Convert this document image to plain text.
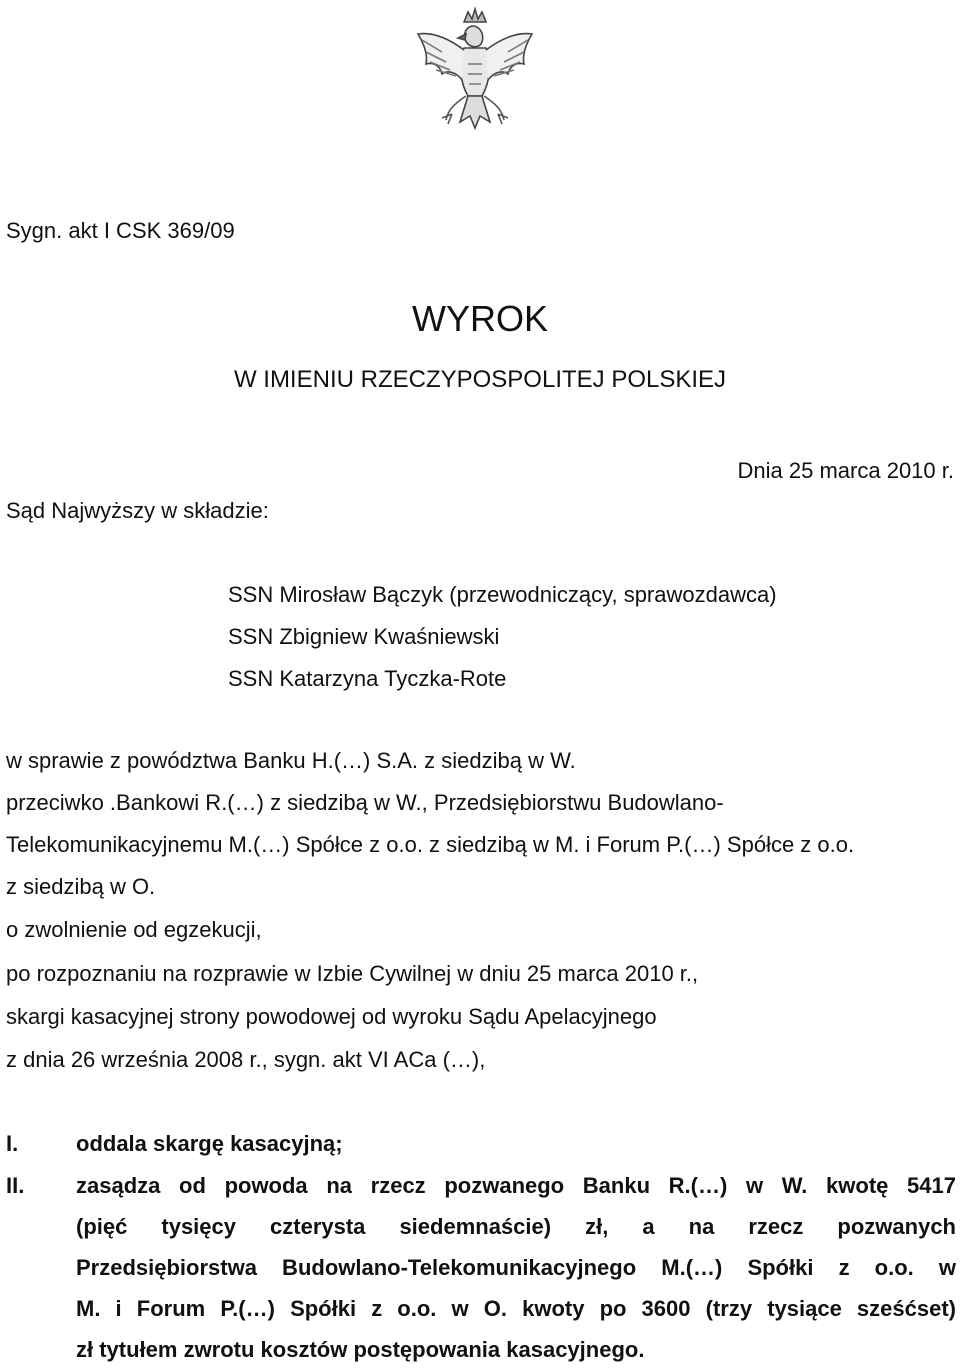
Sygn. akt I CSK 369/09
WYROK
W IMIENIU RZECZYPOSPOLITEJ POLSKIEJ
Dnia 25 marca 2010 r.
Sąd Najwyższy w składzie:
SSN Mirosław Bączyk (przewodniczący, sprawozdawca)
SSN Zbigniew Kwaśniewski
SSN Katarzyna Tyczka-Rote
w sprawie z powództwa Banku H.(…) S.A. z siedzibą w W.
przeciwko .Bankowi R.(…) z siedzibą w W., Przedsiębiorstwu Budowlano-
Telekomunikacyjnemu M.(…) Spółce z o.o. z siedzibą w M. i Forum P.(…) Spółce z o.o.
z siedzibą w O.
o zwolnienie od egzekucji,
po rozpoznaniu na rozprawie w Izbie Cywilnej w dniu 25 marca 2010 r.,
skargi kasacyjnej strony powodowej od wyroku Sądu Apelacyjnego
z dnia 26 września 2008 r., sygn. akt VI ACa (…),
I.	oddala skargę kasacyjną;
II. zasądza od powoda na rzecz pozwanego Banku R.(…) w W. kwotę 5417
(pięć tysięcy czterysta siedemnaście) zł, a na rzecz pozwanych
Przedsiębiorstwa Budowlano-Telekomunikacyjnego M.(…) Spółki z o.o. w
M. i Forum P.(…) Spółki z o.o. w O. kwoty po 3600 (trzy tysiące sześćset)
zł tytułem zwrotu kosztów postępowania kasacyjnego.
